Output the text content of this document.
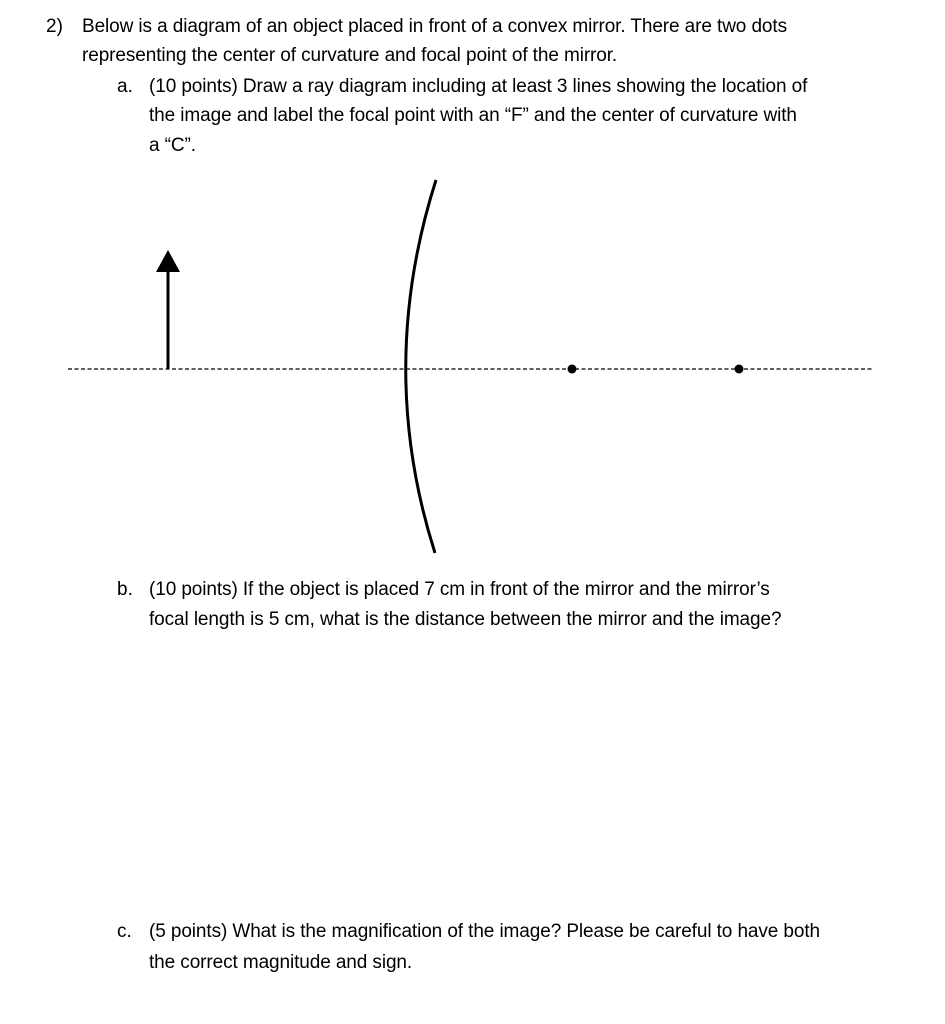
2) Below is a diagram of an object placed in front of a convex mirror. There are two dots
representing the center of curvature and focal point of the mirror.
a. (10 points) Draw a ray diagram including at least 3 lines showing the location of
the image and label the focal point with an “F” and the center of curvature with
a “C”.
b. (10 points) If the object is placed 7 cm in front of the mirror and the mirror’s
focal length is 5 cm, what is the distance between the mirror and the image?
c. (5 points) What is the magnification of the image? Please be careful to have both
the correct magnitude and sign.
